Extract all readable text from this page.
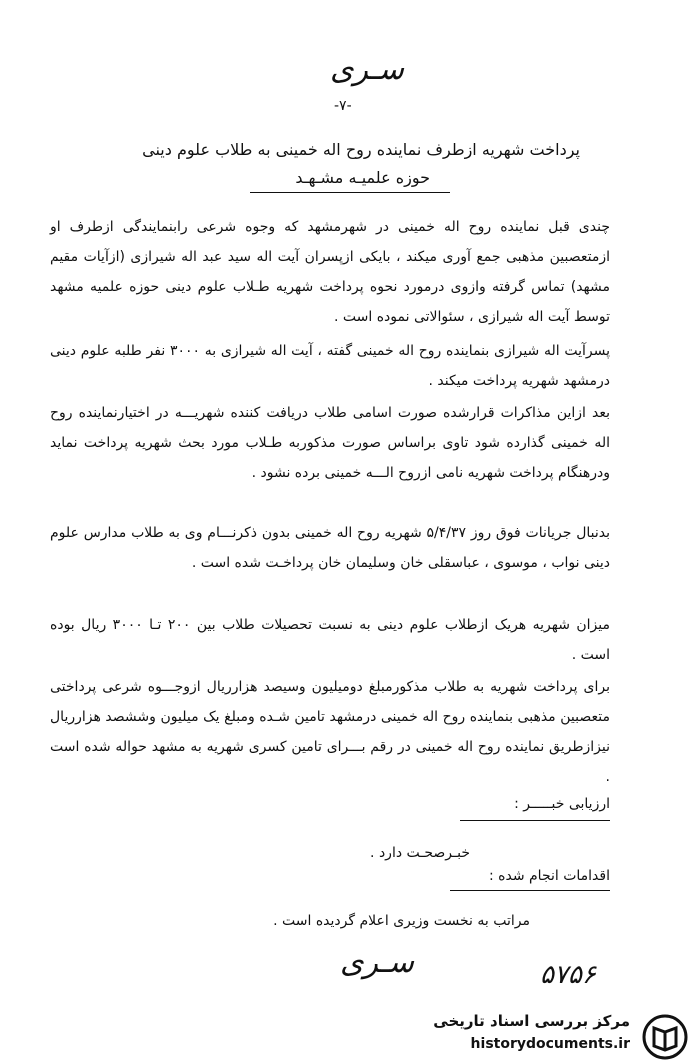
سـری
-۷-
پرداخت شهریه ازطرف نماینده روح اله خمینی به طلاب علوم دینی
حوزه علمیـه مشـهـد
چندی قبل نماینده روح اله خمینی در شهرمشهد که وجوه شرعی رابنمایندگی ازطرف او ازمتعصبین مذهبی جمع آوری میکند ، بایکی ازپسران آیت اله سید عبد اله شیرازی (ازآیات مقیم مشهد) تماس گرفته وازوی درمورد نحوه پرداخت شهریه طـلاب علوم دینی حوزه علمیه مشهد توسط آیت اله شیرازی ، سئوالاتی نموده است .
پسرآیت اله شیرازی بنماینده روح اله خمینی گفته ، آیت اله شیرازی به ۳۰۰۰ نفر طلبه علوم دینی درمشهد شهریه پرداخت میکند .
بعد ازاین مذاکرات قرارشده صورت اسامی طلاب دریافت کننده شهریـــه در اختیارنماینده روح اله خمینی گذارده شود تاوی براساس صورت مذکوربه طـلاب مورد بحث شهریه پرداخت نماید ودرهنگام پرداخت شهریه نامی ازروح الـــه خمینی برده نشود .
بدنبال جریانات فوق روز ۵/۴/۳۷ شهریه روح اله خمینی بدون ذکرنـــام وی به طلاب مدارس علوم دینی نواب ، موسوی ، عباسقلی خان وسلیمان خان پرداخـت شده است .
میزان شهریه هریک ازطلاب علوم دینی به نسبت تحصیلات طلاب بین ۲۰۰ تـا ۳۰۰۰ ریال بوده است .
برای پرداخت شهریه به طلاب مذکورمبلغ دومیلیون وسیصد هزارریال ازوجـــوه شرعی پرداختی متعصبین مذهبی بنماینده روح اله خمینی درمشهد تامین شـده ومبلغ یک میلیون وششصد هزارریال نیزازطریق نماینده روح اله خمینی در رقم بـــرای تامین کسری شهریه به مشهد حواله شده است .
ارزیابی خبـــــر :
خبـرصحـت دارد .
اقدامات انجام شده :
مراتب به نخست وزیری اعلام گردیده است .
سـری	۵۷۵۶
مرکز بررسی اسناد تاریخی
historydocuments.ir
